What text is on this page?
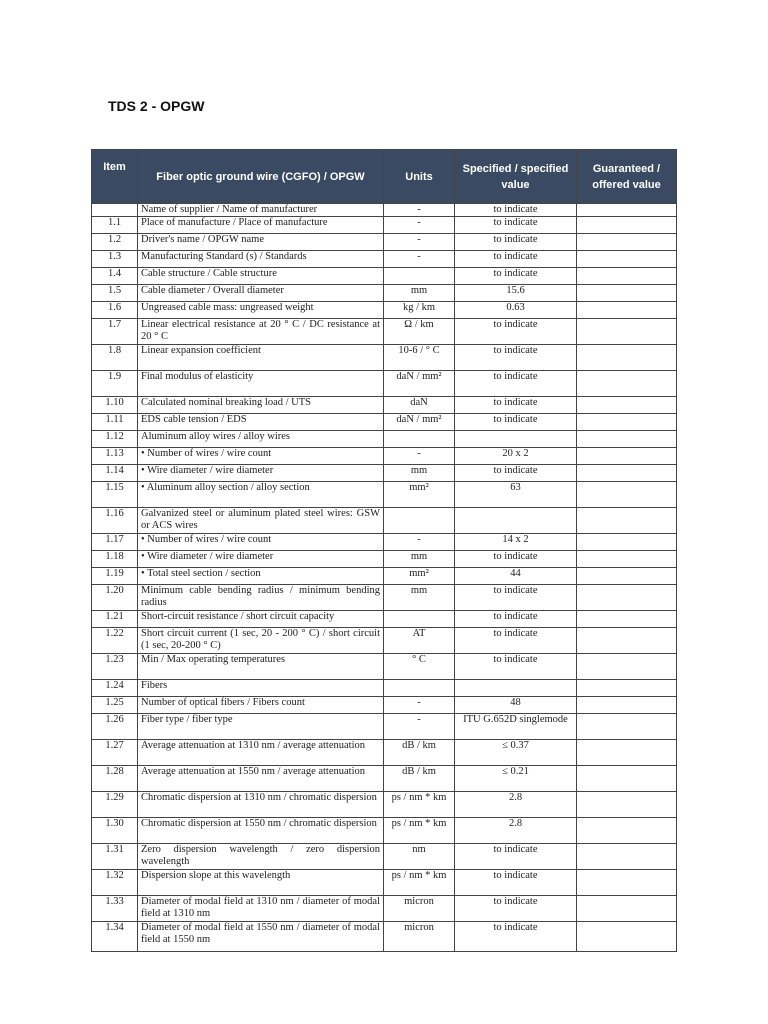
TDS 2 - OPGW
Item	Fiber optic ground wire (CGFO) / OPGW	Units	Specified / specified value	Guaranteed / offered value
	Name of supplier / Name of manufacturer	-	to indicate	
1.1	Place of manufacture / Place of manufacture	-	to indicate	
1.2	Driver's name / OPGW name	-	to indicate	
1.3	Manufacturing Standard (s) / Standards	-	to indicate	
1.4	Cable structure / Cable structure		to indicate	
1.5	Cable diameter / Overall diameter	mm	15.6	
1.6	Ungreased cable mass: ungreased weight	kg / km	0.63	
1.7	Linear electrical resistance at 20 ° C / DC resistance at 20 ° C	Ω / km	to indicate	
1.8	Linear expansion coefficient	10-6 / ° C	to indicate	
1.9	Final modulus of elasticity	daN / mm²	to indicate	
1.10	Calculated nominal breaking load / UTS	daN	to indicate	
1.11	EDS cable tension / EDS	daN / mm²	to indicate	
1.12	Aluminum alloy wires / alloy wires			
1.13	• Number of wires / wire count	-	20 x 2	
1.14	• Wire diameter / wire diameter	mm	to indicate	
1.15	• Aluminum alloy section / alloy section	mm²	63	
1.16	Galvanized steel or aluminum plated steel wires: GSW or ACS wires			
1.17	• Number of wires / wire count	-	14 x 2	
1.18	• Wire diameter / wire diameter	mm	to indicate	
1.19	• Total steel section / section	mm²	44	
1.20	Minimum cable bending radius / minimum bending radius	mm	to indicate	
1.21	Short-circuit resistance / short circuit capacity		to indicate	
1.22	Short circuit current (1 sec, 20 - 200 ° C) / short circuit (1 sec, 20-200 ° C)	AT	to indicate	
1.23	Min / Max operating temperatures	° C	to indicate	
1.24	Fibers			
1.25	Number of optical fibers / Fibers count	-	48	
1.26	Fiber type / fiber type	-	ITU G.652D singlemode	
1.27	Average attenuation at 1310 nm / average attenuation	dB / km	≤ 0.37	
1.28	Average attenuation at 1550 nm / average attenuation	dB / km	≤ 0.21	
1.29	Chromatic dispersion at 1310 nm / chromatic dispersion	ps / nm * km	2.8	
1.30	Chromatic dispersion at 1550 nm / chromatic dispersion	ps / nm * km	2.8	
1.31	Zero dispersion wavelength / zero dispersion wavelength	nm	to indicate	
1.32	Dispersion slope at this wavelength	ps / nm * km	to indicate	
1.33	Diameter of modal field at 1310 nm / diameter of modal field at 1310 nm	micron	to indicate	
1.34	Diameter of modal field at 1550 nm / diameter of modal field at 1550 nm	micron	to indicate	
